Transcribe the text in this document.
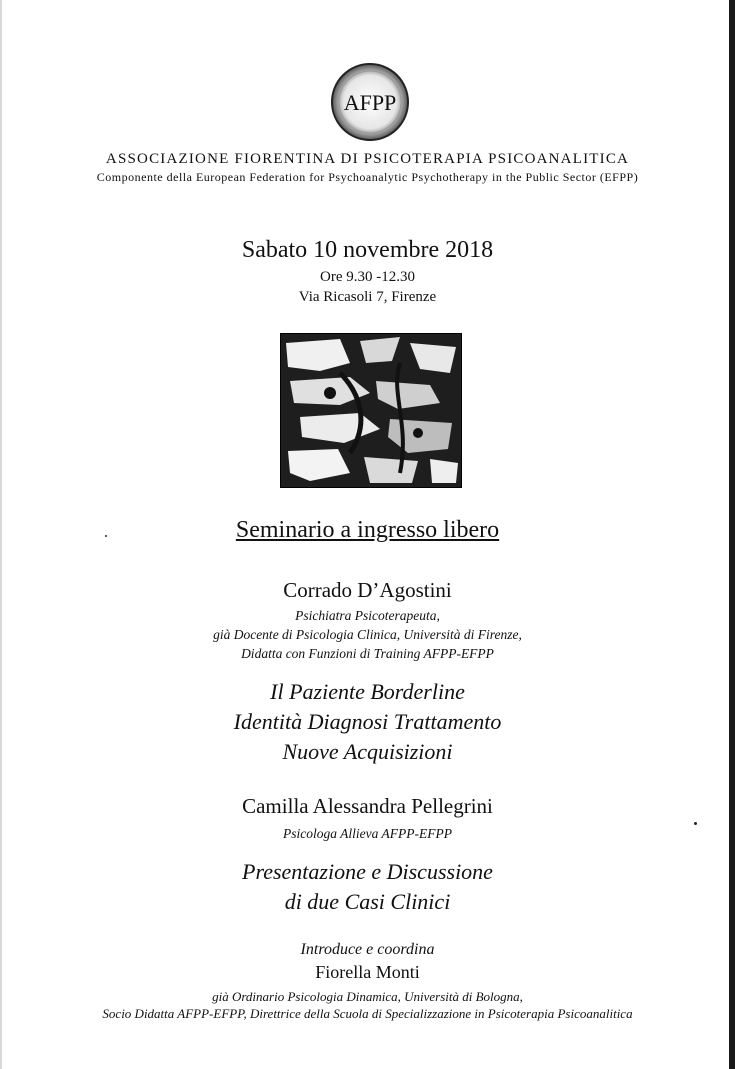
AFPP
ASSOCIAZIONE FIORENTINA DI PSICOTERAPIA PSICOANALITICA
Componente della European Federation for Psychoanalytic Psychotherapy in the Public Sector (EFPP)
Sabato 10 novembre 2018
Ore 9.30 -12.30
Via Ricasoli 7, Firenze
Seminario a ingresso libero
Corrado D’Agostini
Psichiatra Psicoterapeuta,
già Docente di Psicologia Clinica, Università di Firenze,
Didatta con Funzioni di Training AFPP-EFPP
Il Paziente Borderline
Identità Diagnosi Trattamento
Nuove Acquisizioni
Camilla Alessandra Pellegrini
Psicologa Allieva AFPP-EFPP
Presentazione e Discussione
di due Casi Clinici
Introduce e coordina
Fiorella Monti
già Ordinario Psicologia Dinamica, Università di Bologna,
Socio Didatta AFPP-EFPP, Direttrice della Scuola di Specializzazione in Psicoterapia Psicoanalitica
